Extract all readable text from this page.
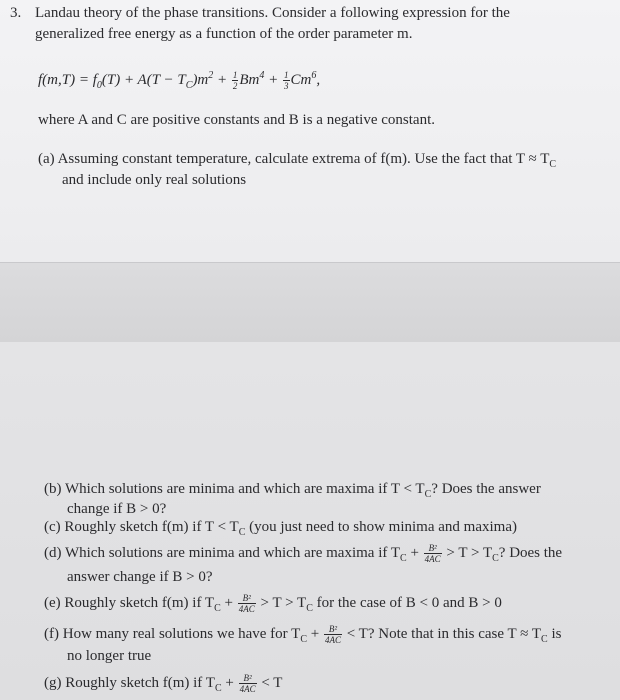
3. Landau theory of the phase transitions. Consider a following expression for the
generalized free energy as a function of the order parameter m.
$f(m,T) = f_0(T) + A(T - T_C)m^2 + \frac{1}{2} Bm^4 + \frac{1}{3} Cm^6$,
where A and C are positive constants and B is a negative constant.
(a) Assuming constant temperature, calculate extrema of f(m). Use the fact that $T \approx T_C$
and include only real solutions
(b) Which solutions are minima and which are maxima if $T < T_C$? Does the answer
change if B > 0?
(c) Roughly sketch f(m) if $T < T_C$ (you just need to show minima and maxima)
(d) Which solutions are minima and which are maxima if $T_C + \frac{\text{B²}}{4AC} > T > T_C$? Does the
answer change if B > 0?
(e) Roughly sketch f(m) if $T_C + \frac{\text{B²}}{4AC} > T > T_C$ for the case of B < 0 and B > 0
(f) How many real solutions we have for $T_C + \frac{\text{B²}}{4AC} < T$? Note that in this case $T \approx T_C$ is
no longer true
(g) Roughly sketch f(m) if $T_C + \frac{\text{B²}}{4AC} < T$
